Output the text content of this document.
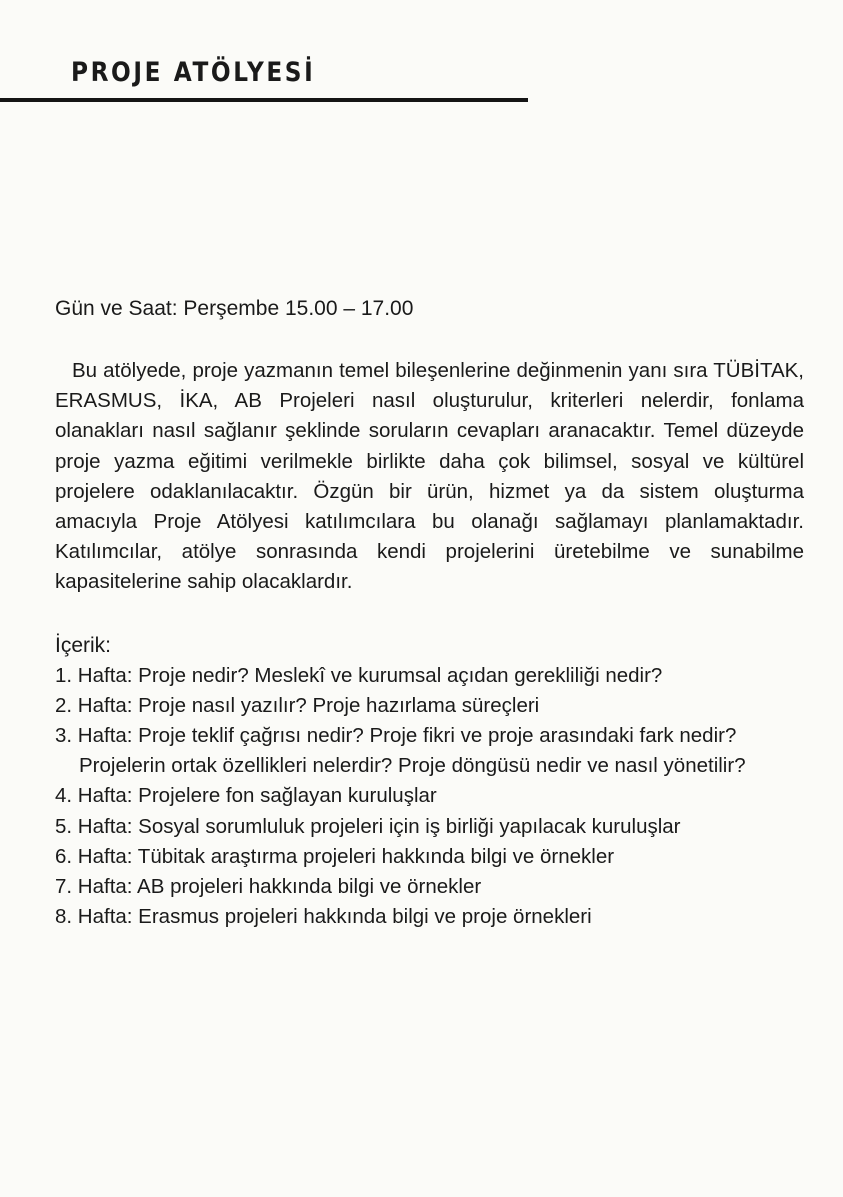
PROJE ATÖLYESİ

Gün ve Saat: Perşembe 15.00 – 17.00

Bu atölyede, proje yazmanın temel bileşenlerine değinmenin yanı sıra TÜBİTAK, ERASMUS, İKA, AB Projeleri nasıl oluşturulur, kriterleri nelerdir, fonlama olanakları nasıl sağlanır şeklinde soruların cevapları aranacaktır. Temel düzeyde proje yazma eğitimi verilmekle birlikte daha çok bilimsel, sosyal ve kültürel projelere odaklanılacaktır. Özgün bir ürün, hizmet ya da sistem oluşturma amacıyla Proje Atölyesi katılımcılara bu olanağı sağlamayı planlamaktadır. Katılımcılar, atölye sonrasında kendi projelerini üretebilme ve sunabilme kapasitelerine sahip olacaklardır.

İçerik:

1. Hafta: Proje nedir? Meslekî ve kurumsal açıdan gerekliliği nedir?
2. Hafta: Proje nasıl yazılır? Proje hazırlama süreçleri
3. Hafta: Proje teklif çağrısı nedir? Proje fikri ve proje arasındaki fark nedir? Projelerin ortak özellikleri nelerdir? Proje döngüsü nedir ve nasıl yönetilir?
4. Hafta: Projelere fon sağlayan kuruluşlar
5. Hafta: Sosyal sorumluluk projeleri için iş birliği yapılacak kuruluşlar
6. Hafta: Tübitak araştırma projeleri hakkında bilgi ve örnekler
7. Hafta: AB projeleri hakkında bilgi ve örnekler
8. Hafta: Erasmus projeleri hakkında bilgi ve proje örnekleri
